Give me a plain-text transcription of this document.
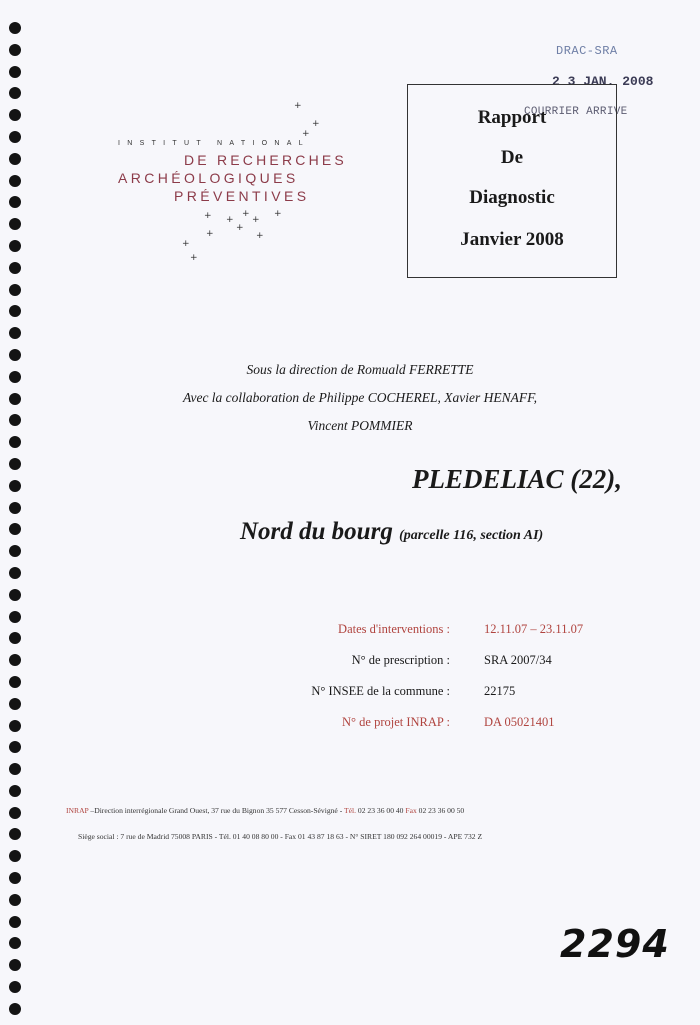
DRAC-SRA
2 3 JAN. 2008
COURRIER ARRIVE
Rapport
De
Diagnostic
Janvier 2008
+
+
+
+ +
+
+
+
+
+
+
+
+
INSTITUT NATIONAL
DE RECHERCHES
ARCHÉOLOGIQUES
PRÉVENTIVES
Sous la direction de Romuald FERRETTE
Avec la collaboration de Philippe COCHEREL, Xavier HENAFF,
Vincent POMMIER
PLEDELIAC (22),
Nord du bourg (parcelle 116, section AI)
Dates d'interventions :	12.11.07 – 23.11.07
N° de prescription :	SRA 2007/34
N° INSEE de la commune :	22175
N° de projet INRAP :	DA 05021401
INRAP –Direction interrégionale Grand Ouest, 37 rue du Bignon 35 577 Cesson-Sévigné - Tél. 02 23 36 00 40 Fax 02 23 36 00 50
Siège social : 7 rue de Madrid 75008 PARIS - Tél. 01 40 08 80 00 - Fax 01 43 87 18 63 - N° SIRET 180 092 264 00019 - APE 732 Z
2294
